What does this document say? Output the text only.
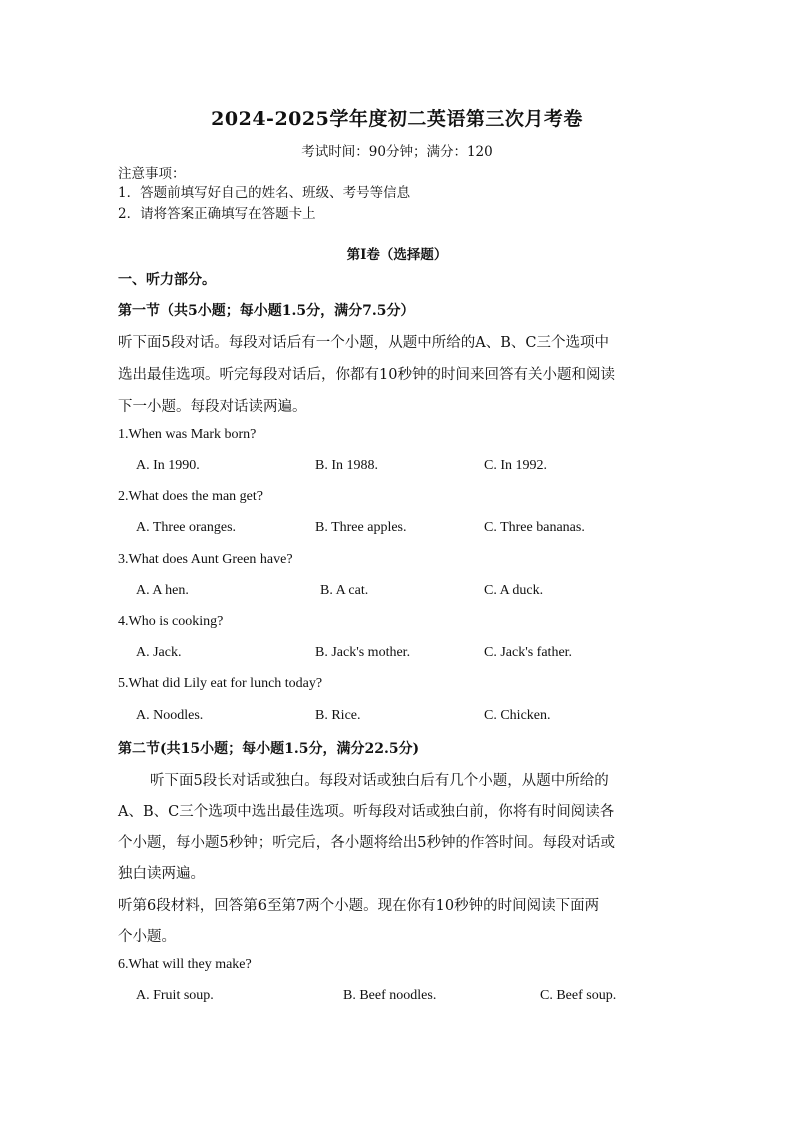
2024-2025学年度初二英语第三次月考卷
考试时间：90分钟；满分：120
注意事项：
1．答题前填写好自己的姓名、班级、考号等信息
2．请将答案正确填写在答题卡上
第I卷（选择题）
一、听力部分。
第一节（共5小题；每小题1.5分，满分7.5分）
听下面5段对话。每段对话后有一个小题，从题中所给的A、B、C三个选项中
选出最佳选项。听完每段对话后，你都有10秒钟的时间来回答有关小题和阅读
下一小题。每段对话读两遍。
1.When was Mark born?
A. In 1990.	B. In 1988.	C. In 1992.
2.What does the man get?
A. Three oranges.	B. Three apples.	C. Three bananas.
3.What does Aunt Green have?
A. A hen.	B. A cat.	C. A duck.
4.Who is cooking?
A. Jack.	B. Jack's mother.	C. Jack's father.
5.What did Lily eat for lunch today?
A. Noodles.	B. Rice.	C. Chicken.
第二节(共15小题；每小题1.5分，满分22.5分)
听下面5段长对话或独白。每段对话或独白后有几个小题，从题中所给的
A、B、C三个选项中选出最佳选项。听每段对话或独白前，你将有时间阅读各
个小题，每小题5秒钟；听完后，各小题将给出5秒钟的作答时间。每段对话或
独白读两遍。
听第6段材料，回答第6至第7两个小题。现在你有10秒钟的时间阅读下面两
个小题。
6.What will they make?
A. Fruit soup.	B. Beef noodles.	C. Beef soup.
